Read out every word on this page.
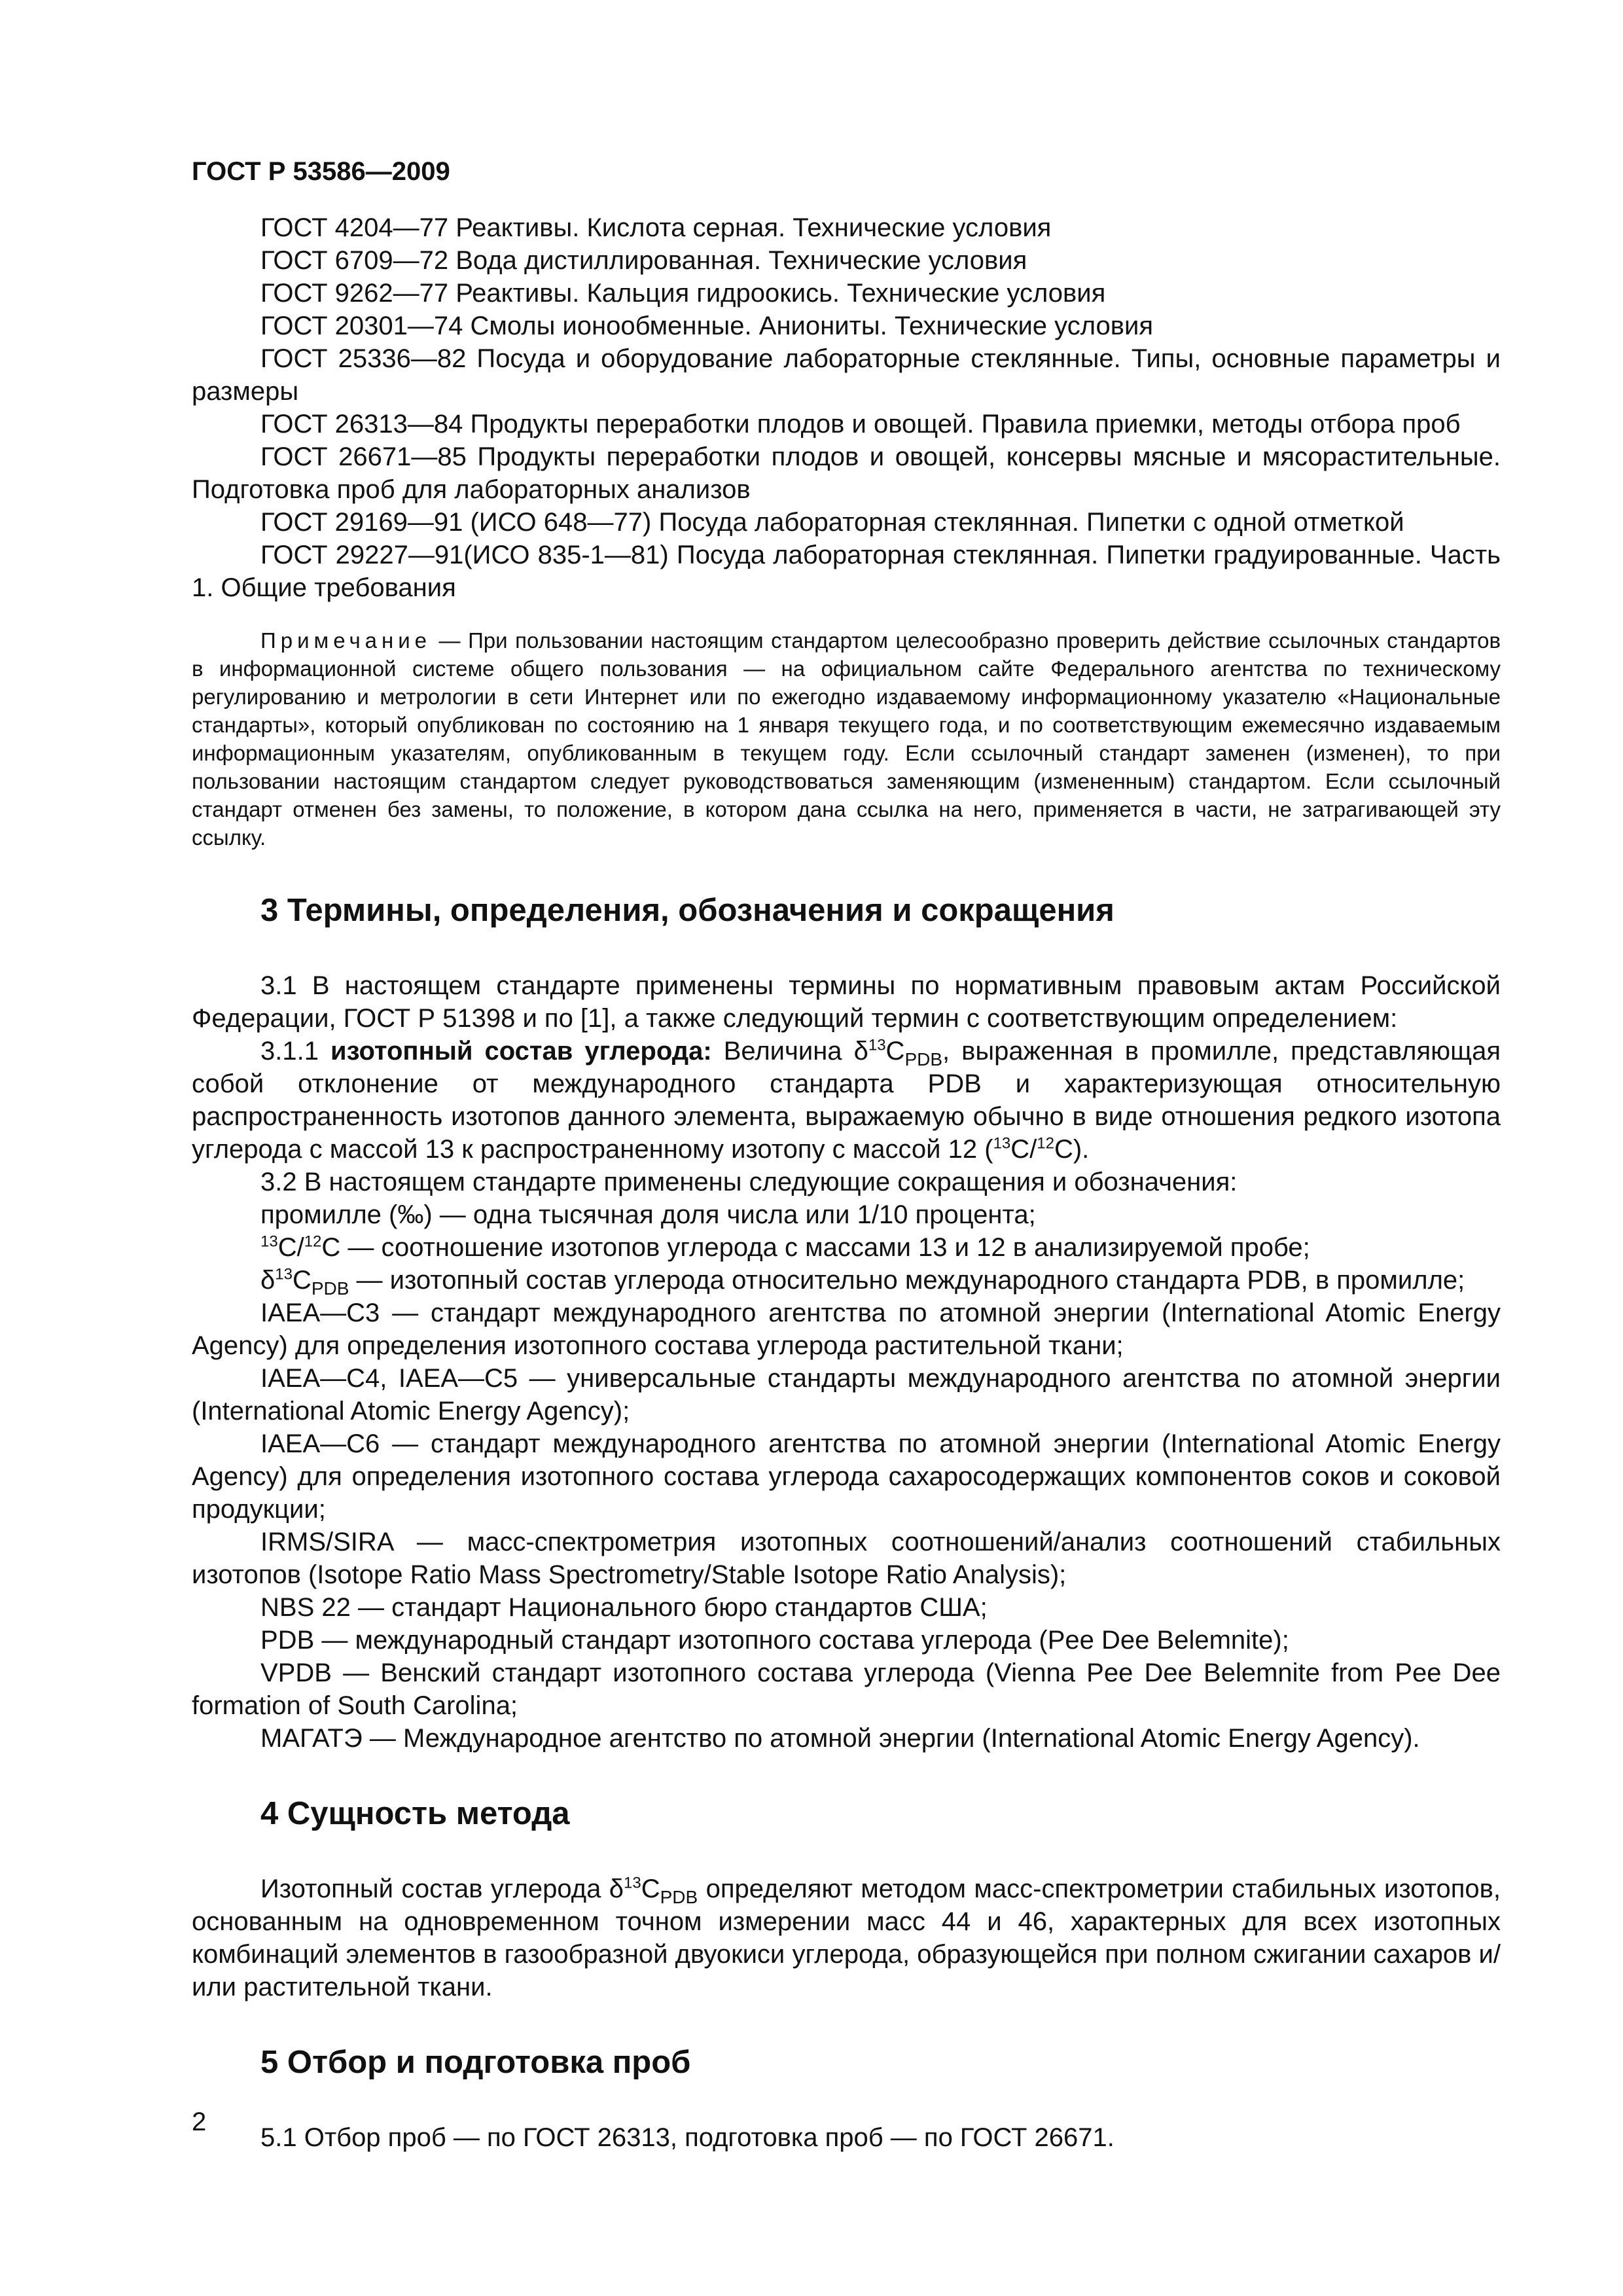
ГОСТ Р 53586—2009
ГОСТ 4204—77 Реактивы. Кислота серная. Технические условия
ГОСТ 6709—72 Вода дистиллированная. Технические условия
ГОСТ 9262—77 Реактивы. Кальция гидроокись. Технические условия
ГОСТ 20301—74 Смолы ионообменные. Аниониты. Технические условия
ГОСТ 25336—82 Посуда и оборудование лабораторные стеклянные. Типы, основные параметры и размеры
ГОСТ 26313—84 Продукты переработки плодов и овощей. Правила приемки, методы отбора проб
ГОСТ 26671—85 Продукты переработки плодов и овощей, консервы мясные и мясорастительные. Подготовка проб для лабораторных анализов
ГОСТ 29169—91 (ИСО 648—77) Посуда лабораторная стеклянная. Пипетки с одной отметкой
ГОСТ 29227—91(ИСО 835-1—81) Посуда лабораторная стеклянная. Пипетки градуированные. Часть 1. Общие требования
Примечание — При пользовании настоящим стандартом целесообразно проверить действие ссылочных стандартов в информационной системе общего пользования — на официальном сайте Федерального агентства по техническому регулированию и метрологии в сети Интернет или по ежегодно издаваемому информационному указателю «Национальные стандарты», который опубликован по состоянию на 1 января текущего года, и по соответствующим ежемесячно издаваемым информационным указателям, опубликованным в текущем году. Если ссылочный стандарт заменен (изменен), то при пользовании настоящим стандартом следует руководствоваться заменяющим (измененным) стандартом. Если ссылочный стандарт отменен без замены, то положение, в котором дана ссылка на него, применяется в части, не затрагивающей эту ссылку.
3 Термины, определения, обозначения и сокращения
3.1 В настоящем стандарте применены термины по нормативным правовым актам Российской Федерации, ГОСТ Р 51398 и по [1], а также следующий термин с соответствующим определением:
3.1.1 изотопный состав углерода: Величина $\delta^{13}C_{PDB}$, выраженная в промилле, представляющая собой отклонение от международного стандарта PDB и характеризующая относительную распространенность изотопов данного элемента, выражаемую обычно в виде отношения редкого изотопа углерода с массой 13 к распространенному изотопу с массой 12 ($^{13}$C/$^{12}$C).
3.2 В настоящем стандарте применены следующие сокращения и обозначения:
промилле (‰) — одна тысячная доля числа или 1/10 процента;
$^{13}$C/$^{12}$C — соотношение изотопов углерода с массами 13 и 12 в анализируемой пробе;
$\delta^{13}C_{PDB}$ — изотопный состав углерода относительно международного стандарта PDB, в промилле;
IAEA—C3 — стандарт международного агентства по атомной энергии (International Atomic Energy Agency) для определения изотопного состава углерода растительной ткани;
IAEA—C4, IAEA—C5 — универсальные стандарты международного агентства по атомной энергии (International Atomic Energy Agency);
IAEA—C6 — стандарт международного агентства по атомной энергии (International Atomic Energy Agency) для определения изотопного состава углерода сахаросодержащих компонентов соков и соковой продукции;
IRMS/SIRA — масс-спектрометрия изотопных соотношений/анализ соотношений стабильных изотопов (Isotope Ratio Mass Spectrometry/Stable Isotope Ratio Analysis);
NBS 22 — стандарт Национального бюро стандартов США;
PDB — международный стандарт изотопного состава углерода (Pee Dee Belemnite);
VPDB — Венский стандарт изотопного состава углерода (Vienna Pee Dee Belemnite from Pee Dee formation of South Carolina;
МАГАТЭ — Международное агентство по атомной энергии (International Atomic Energy Agency).
4 Сущность метода
Изотопный состав углерода $\delta^{13}C_{PDB}$ определяют методом масс-спектрометрии стабильных изотопов, основанным на одновременном точном измерении масс 44 и 46, характерных для всех изотопных комбинаций элементов в газообразной двуокиси углерода, образующейся при полном сжигании сахаров и/или растительной ткани.
5 Отбор и подготовка проб
5.1 Отбор проб — по ГОСТ 26313, подготовка проб — по ГОСТ 26671.
2
